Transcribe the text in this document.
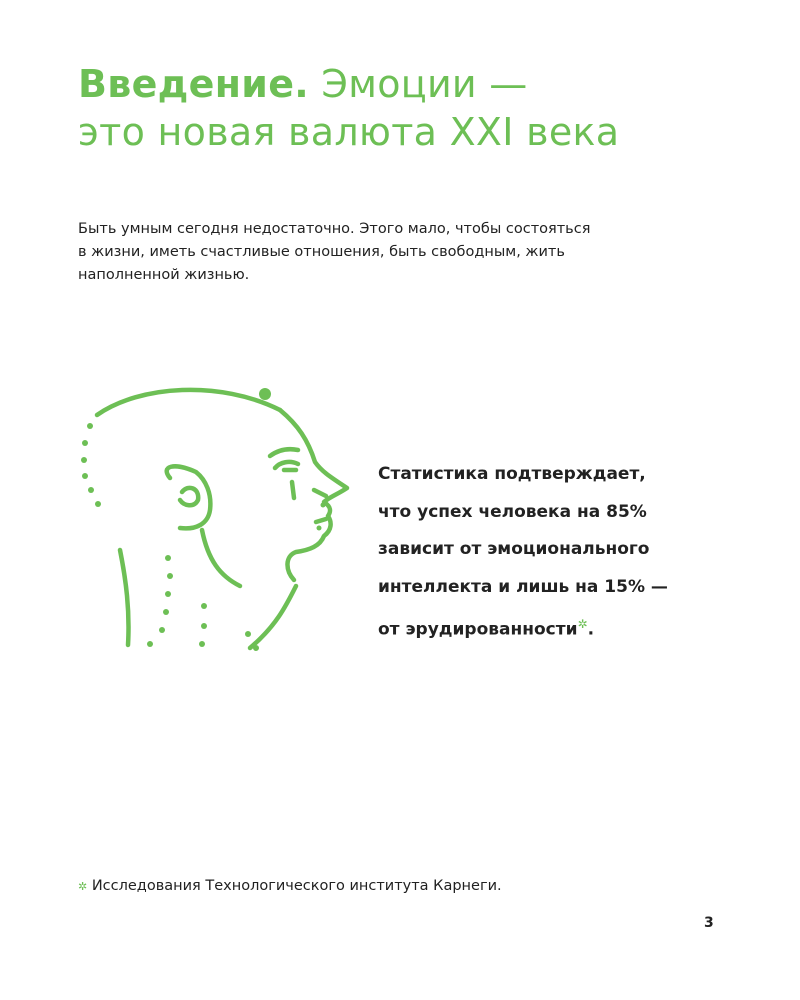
Введение. Эмоции —
это новая валюта XXI века
Быть умным сегодня недостаточно. Этого мало, чтобы состояться
в жизни, иметь счастливые отношения, быть свободным, жить
наполненной жизнью.
Статистика подтверждает,
что успех человека на 85%
зависит от эмоционального
интеллекта и лишь на 15% —
от эрудированности✲.
✲ Исследования Технологического института Карнеги.
3
